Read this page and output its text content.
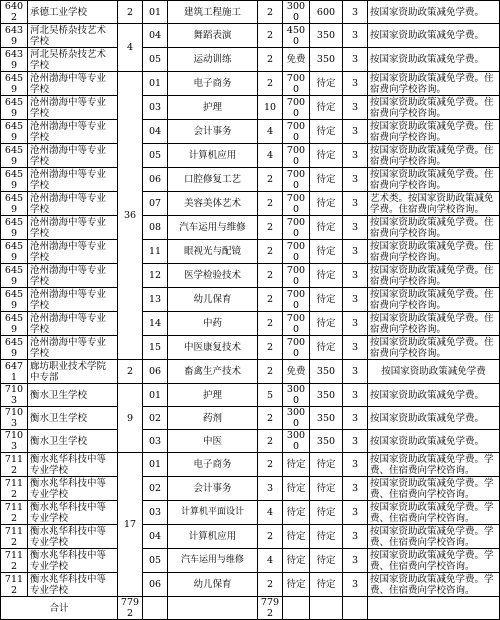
6402	承德工业学校	2	01	建筑工程施工	2	3000	600	3	按国家资助政策减免学费。
6439	河北吴桥杂技艺术学校	4	04	舞蹈表演	2	4500	350	3	按国家资助政策减免学费。
6439	河北吴桥杂技艺术学校		05	运动训练	2	免费	350	3	按国家资助政策减免学费。
6459	沧州渤海中等专业学校	36	01	电子商务	2	7000	待定	3	按国家资助政策减免学费。住宿费向学校咨询。
6459	沧州渤海中等专业学校		03	护理	10	7000	待定	3	按国家资助政策减免学费。住宿费向学校咨询。
6459	沧州渤海中等专业学校		04	会计事务	4	7000	待定	3	按国家资助政策减免学费。住宿费向学校咨询。
6459	沧州渤海中等专业学校		05	计算机应用	4	7000	待定	3	按国家资助政策减免学费。住宿费向学校咨询。
6459	沧州渤海中等专业学校		06	口腔修复工艺	2	7000	待定	3	按国家资助政策减免学费。住宿费向学校咨询。
6459	沧州渤海中等专业学校		07	美容美体艺术	2	7000	待定	3	艺术类。按国家资助政策减免学费。住宿费向学校咨询。
6459	沧州渤海中等专业学校		08	汽车运用与维修	2	7000	待定	3	按国家资助政策减免学费。住宿费向学校咨询。
6459	沧州渤海中等专业学校		11	眼视光与配镜	2	7000	待定	3	按国家资助政策减免学费。住宿费向学校咨询。
6459	沧州渤海中等专业学校		12	医学检验技术	2	7000	待定	3	按国家资助政策减免学费。住宿费向学校咨询。
6459	沧州渤海中等专业学校		13	幼儿保育	2	7000	待定	3	按国家资助政策减免学费。住宿费向学校咨询。
6459	沧州渤海中等专业学校		14	中药	2	7000	待定	3	按国家资助政策减免学费。住宿费向学校咨询。
6459	沧州渤海中等专业学校		15	中医康复技术	2	7000	待定	3	按国家资助政策减免学费。住宿费向学校咨询。
6471	廊坊职业技术学院中专部	2	06	畜禽生产技术	2	免费	350	3	按国家资助政策减免学费
7103	衡水卫生学校	9	01	护理	5	3000	350	3	按国家资助政策减免学费。
7103	衡水卫生学校		02	药剂	2	3000	350	3	按国家资助政策减免学费。
7103	衡水卫生学校		03	中医	2	3000	350	3	按国家资助政策减免学费。
7112	衡水兆华科技中等专业学校	17	01	电子商务	2	待定	待定	3	按国家资助政策减免学费。学费、住宿费向学校咨询。
7112	衡水兆华科技中等专业学校		02	会计事务	3	待定	待定	3	按国家资助政策减免学费。学费、住宿费向学校咨询。
7112	衡水兆华科技中等专业学校		03	计算机平面设计	4	待定	待定	3	按国家资助政策减免学费。学费、住宿费向学校咨询。
7112	衡水兆华科技中等专业学校		04	计算机应用	2	待定	待定	3	按国家资助政策减免学费。学费、住宿费向学校咨询。
7112	衡水兆华科技中等专业学校		05	汽车运用与维修	4	待定	待定	3	按国家资助政策减免学费。学费、住宿费向学校咨询。
7112	衡水兆华科技中等专业学校		06	幼儿保育	2	待定	待定	3	按国家资助政策减免学费。学费、住宿费向学校咨询。
合计		7792			7792				
